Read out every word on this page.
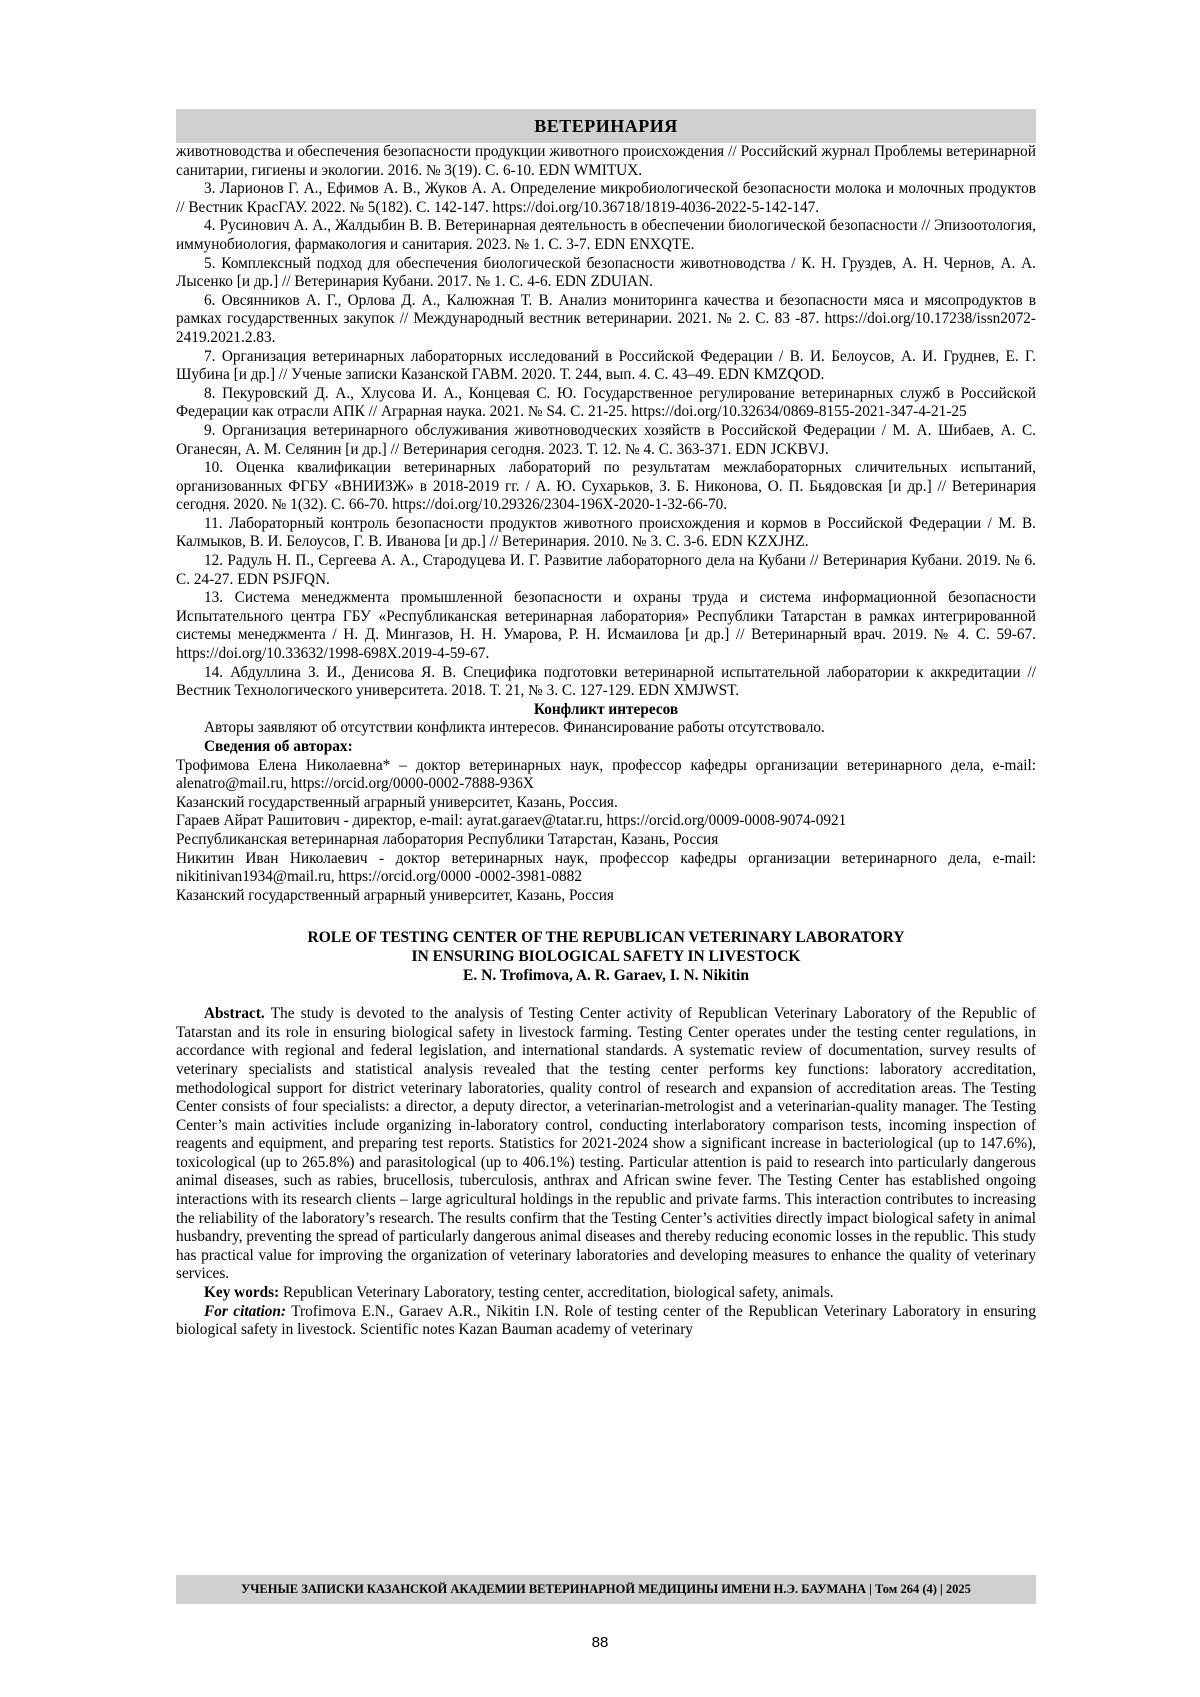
ВЕТЕРИНАРИЯ

животноводства и обеспечения безопасности продукции животного происхождения // Российский журнал Проблемы ветеринарной санитарии, гигиены и экологии. 2016. № 3(19). С. 6-10. EDN WMITUX.

3. Ларионов Г. А., Ефимов А. В., Жуков А. А. Определение микробиологической безопасности молока и молочных продуктов // Вестник КрасГАУ. 2022. № 5(182). С. 142-147. https://doi.org/10.36718/1819-4036-2022-5-142-147.

4. Русинович А. А., Жалдыбин В. В. Ветеринарная деятельность в обеспечении биологической безопасности // Эпизоотология, иммунобиология, фармакология и санитария. 2023. № 1. С. 3-7. EDN ENXQTE.

5. Комплексный подход для обеспечения биологической безопасности животноводства / К. Н. Груздев, А. Н. Чернов, А. А. Лысенко [и др.] // Ветеринария Кубани. 2017. № 1. С. 4-6. EDN ZDUIAN.

6. Овсянников А. Г., Орлова Д. А., Калюжная Т. В. Анализ мониторинга качества и безопасности мяса и мясопродуктов в рамках государственных закупок // Международный вестник ветеринарии. 2021. № 2. С. 83 -87. https://doi.org/10.17238/issn2072-2419.2021.2.83.

7. Организация ветеринарных лабораторных исследований в Российской Федерации / В. И. Белоусов, А. И. Груднев, Е. Г. Шубина [и др.] // Ученые записки Казанской ГАВМ. 2020. Т. 244, вып. 4. С. 43–49. EDN KMZQOD.

8. Пекуровский Д. А., Хлусова И. А., Концевая С. Ю. Государственное регулирование ветеринарных служб в Российской Федерации как отрасли АПК // Аграрная наука. 2021. № S4. С. 21-25. https://doi.org/10.32634/0869-8155-2021-347-4-21-25

9. Организация ветеринарного обслуживания животноводческих хозяйств в Российской Федерации / М. А. Шибаев, А. С. Оганесян, А. М. Селянин [и др.] // Ветеринария сегодня. 2023. Т. 12. № 4. С. 363-371. EDN JCKBVJ.

10. Оценка квалификации ветеринарных лабораторий по результатам межлабораторных сличительных испытаний, организованных ФГБУ «ВНИИЗЖ» в 2018-2019 гг. / А. Ю. Сухарьков, З. Б. Никонова, О. П. Бьядовская [и др.] // Ветеринария сегодня. 2020. № 1(32). С. 66-70. https://doi.org/10.29326/2304-196X-2020-1-32-66-70.

11. Лабораторный контроль безопасности продуктов животного происхождения и кормов в Российской Федерации / М. В. Калмыков, В. И. Белоусов, Г. В. Иванова [и др.] // Ветеринария. 2010. № 3. С. 3-6. EDN KZXJHZ.

12. Радуль Н. П., Сергеева А. А., Стародуцева И. Г. Развитие лабораторного дела на Кубани // Ветеринария Кубани. 2019. № 6. С. 24-27. EDN PSJFQN.

13. Система менеджмента промышленной безопасности и охраны труда и система информационной безопасности Испытательного центра ГБУ «Республиканская ветеринарная лаборатория» Республики Татарстан в рамках интегрированной системы менеджмента / Н. Д. Мингазов, Н. Н. Умарова, Р. Н. Исмаилова [и др.] // Ветеринарный врач. 2019. № 4. С. 59-67. https://doi.org/10.33632/1998-698X.2019-4-59-67.

14. Абдуллина З. И., Денисова Я. В. Специфика подготовки ветеринарной испытательной лаборатории к аккредитации // Вестник Технологического университета. 2018. Т. 21, № 3. С. 127-129. EDN XMJWST.

Конфликт интересов

Авторы заявляют об отсутствии конфликта интересов. Финансирование работы отсутствовало.

Сведения об авторах:

Трофимова Елена Николаевна* – доктор ветеринарных наук, профессор кафедры организации ветеринарного дела, e-mail: alenatro@mail.ru, https://orcid.org/0000-0002-7888-936X

Казанский государственный аграрный университет, Казань, Россия.

Гараев Айрат Рашитович - директор, e-mail: ayrat.garaev@tatar.ru, https://orcid.org/0009-0008-9074-0921

Республиканская ветеринарная лаборатория Республики Татарстан, Казань, Россия

Никитин Иван Николаевич - доктор ветеринарных наук, профессор кафедры организации ветеринарного дела, e-mail: nikitinivan1934@mail.ru, https://orcid.org/0000 -0002-3981-0882

Казанский государственный аграрный университет, Казань, Россия

ROLE OF TESTING CENTER OF THE REPUBLICAN VETERINARY LABORATORY
IN ENSURING BIOLOGICAL SAFETY IN LIVESTOCK
E. N. Trofimova, A. R. Garaev, I. N. Nikitin

Abstract. The study is devoted to the analysis of Testing Center activity of Republican Veterinary Laboratory of the Republic of Tatarstan and its role in ensuring biological safety in livestock farming. Testing Center operates under the testing center regulations, in accordance with regional and federal legislation, and international standards. A systematic review of documentation, survey results of veterinary specialists and statistical analysis revealed that the testing center performs key functions: laboratory accreditation, methodological support for district veterinary laboratories, quality control of research and expansion of accreditation areas. The Testing Center consists of four specialists: a director, a deputy director, a veterinarian-metrologist and a veterinarian-quality manager. The Testing Center’s main activities include organizing in-laboratory control, conducting interlaboratory comparison tests, incoming inspection of reagents and equipment, and preparing test reports. Statistics for 2021-2024 show a significant increase in bacteriological (up to 147.6%), toxicological (up to 265.8%) and parasitological (up to 406.1%) testing. Particular attention is paid to research into particularly dangerous animal diseases, such as rabies, brucellosis, tuberculosis, anthrax and African swine fever. The Testing Center has established ongoing interactions with its research clients – large agricultural holdings in the republic and private farms. This interaction contributes to increasing the reliability of the laboratory’s research. The results confirm that the Testing Center’s activities directly impact biological safety in animal husbandry, preventing the spread of particularly dangerous animal diseases and thereby reducing economic losses in the republic. This study has practical value for improving the organization of veterinary laboratories and developing measures to enhance the quality of veterinary services.

Key words: Republican Veterinary Laboratory, testing center, accreditation, biological safety, animals.

For citation: Trofimova E.N., Garaev A.R., Nikitin I.N. Role of testing center of the Republican Veterinary Laboratory in ensuring biological safety in livestock. Scientific notes Kazan Bauman academy of veterinary

УЧЕНЫЕ ЗАПИСКИ КАЗАНСКОЙ АКАДЕМИИ ВЕТЕРИНАРНОЙ МЕДИЦИНЫ ИМЕНИ Н.Э. БАУМАНА | Том 264 (4) | 2025
88
